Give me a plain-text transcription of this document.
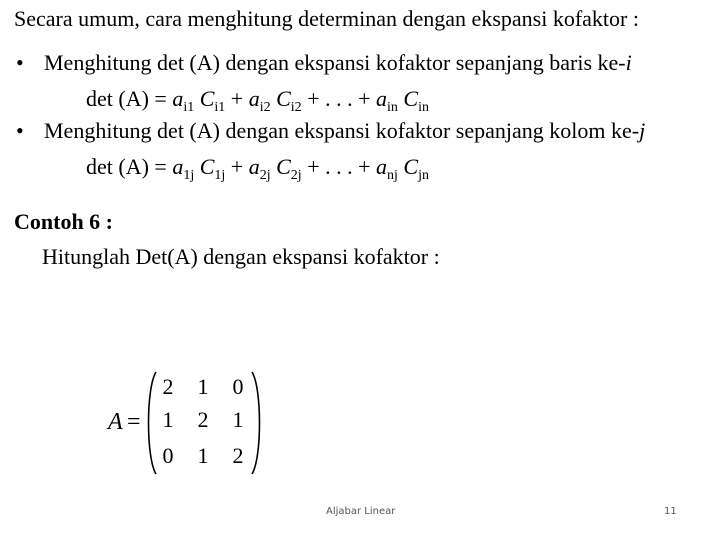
Secara umum, cara menghitung determinan dengan ekspansi kofaktor :
• Menghitung det (A) dengan ekspansi kofaktor sepanjang baris ke-i
$\det (A) = a_{i1}$ $C_{i1} + a_{i2}$ $C_{i2}$ + . . . + $a_{in}$ $C_{in}$
• Menghitung det (A) dengan ekspansi kofaktor sepanjang kolom ke-j
$\det (A) = a_{1j}$ $C_{1j} + a_{2j}$ $C_{2j}$ + . . . + $a_{nj}$ $C_{jn}$
Contoh 6 :
Hitunglah Det(A) dengan ekspansi kofaktor :
A =
2 1 0
1 2 1
0 1 2
Aljabar Linear	11
